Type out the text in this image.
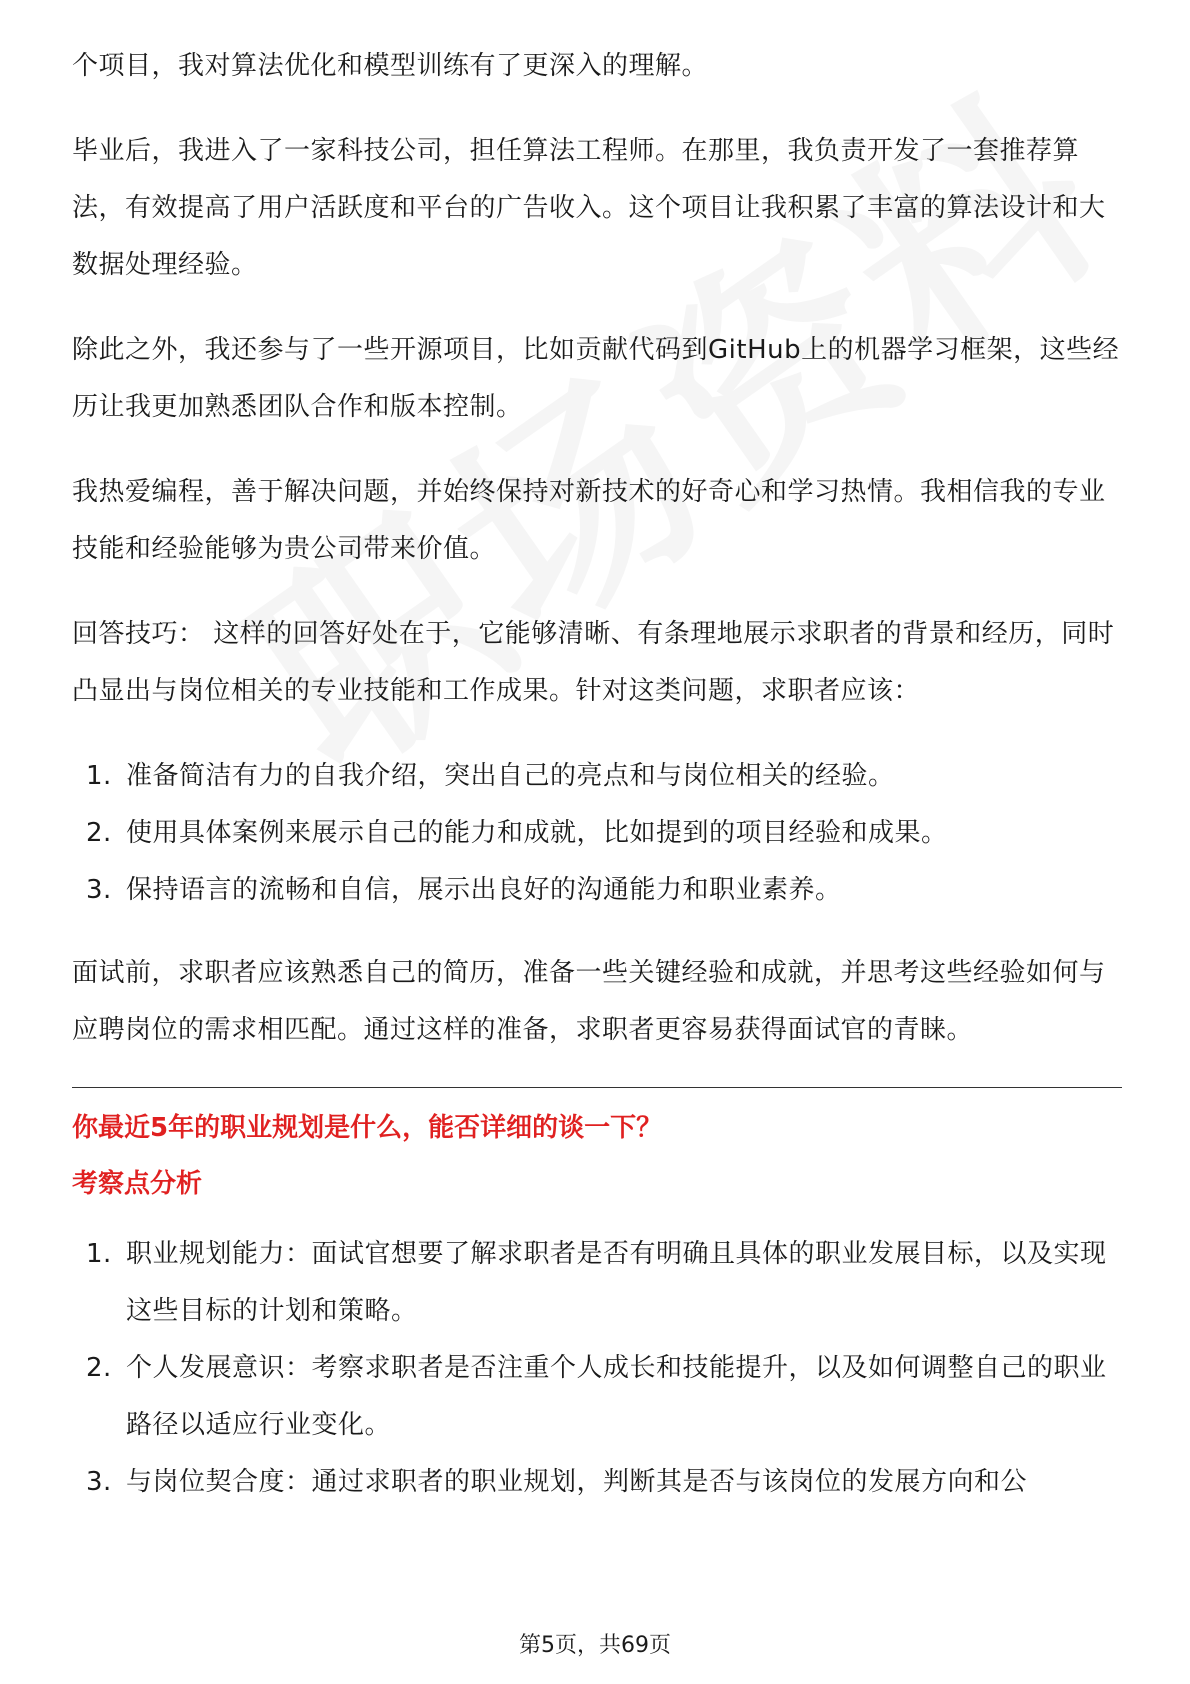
个项目，我对算法优化和模型训练有了更深入的理解。

毕业后，我进入了一家科技公司，担任算法工程师。在那里，我负责开发了一套推荐算法，有效提高了用户活跃度和平台的广告收入。这个项目让我积累了丰富的算法设计和大数据处理经验。

除此之外，我还参与了一些开源项目，比如贡献代码到GitHub上的机器学习框架，这些经历让我更加熟悉团队合作和版本控制。

我热爱编程，善于解决问题，并始终保持对新技术的好奇心和学习热情。我相信我的专业技能和经验能够为贵公司带来价值。

回答技巧： 这样的回答好处在于，它能够清晰、有条理地展示求职者的背景和经历，同时凸显出与岗位相关的专业技能和工作成果。针对这类问题，求职者应该：

1. 准备简洁有力的自我介绍，突出自己的亮点和与岗位相关的经验。
2. 使用具体案例来展示自己的能力和成就，比如提到的项目经验和成果。
3. 保持语言的流畅和自信，展示出良好的沟通能力和职业素养。

面试前，求职者应该熟悉自己的简历，准备一些关键经验和成就，并思考这些经验如何与应聘岗位的需求相匹配。通过这样的准备，求职者更容易获得面试官的青睐。

你最近5年的职业规划是什么，能否详细的谈一下？

考察点分析

1. 职业规划能力：面试官想要了解求职者是否有明确且具体的职业发展目标，以及实现这些目标的计划和策略。
2. 个人发展意识：考察求职者是否注重个人成长和技能提升，以及如何调整自己的职业路径以适应行业变化。
3. 与岗位契合度：通过求职者的职业规划，判断其是否与该岗位的发展方向和公
第5页，共69页
